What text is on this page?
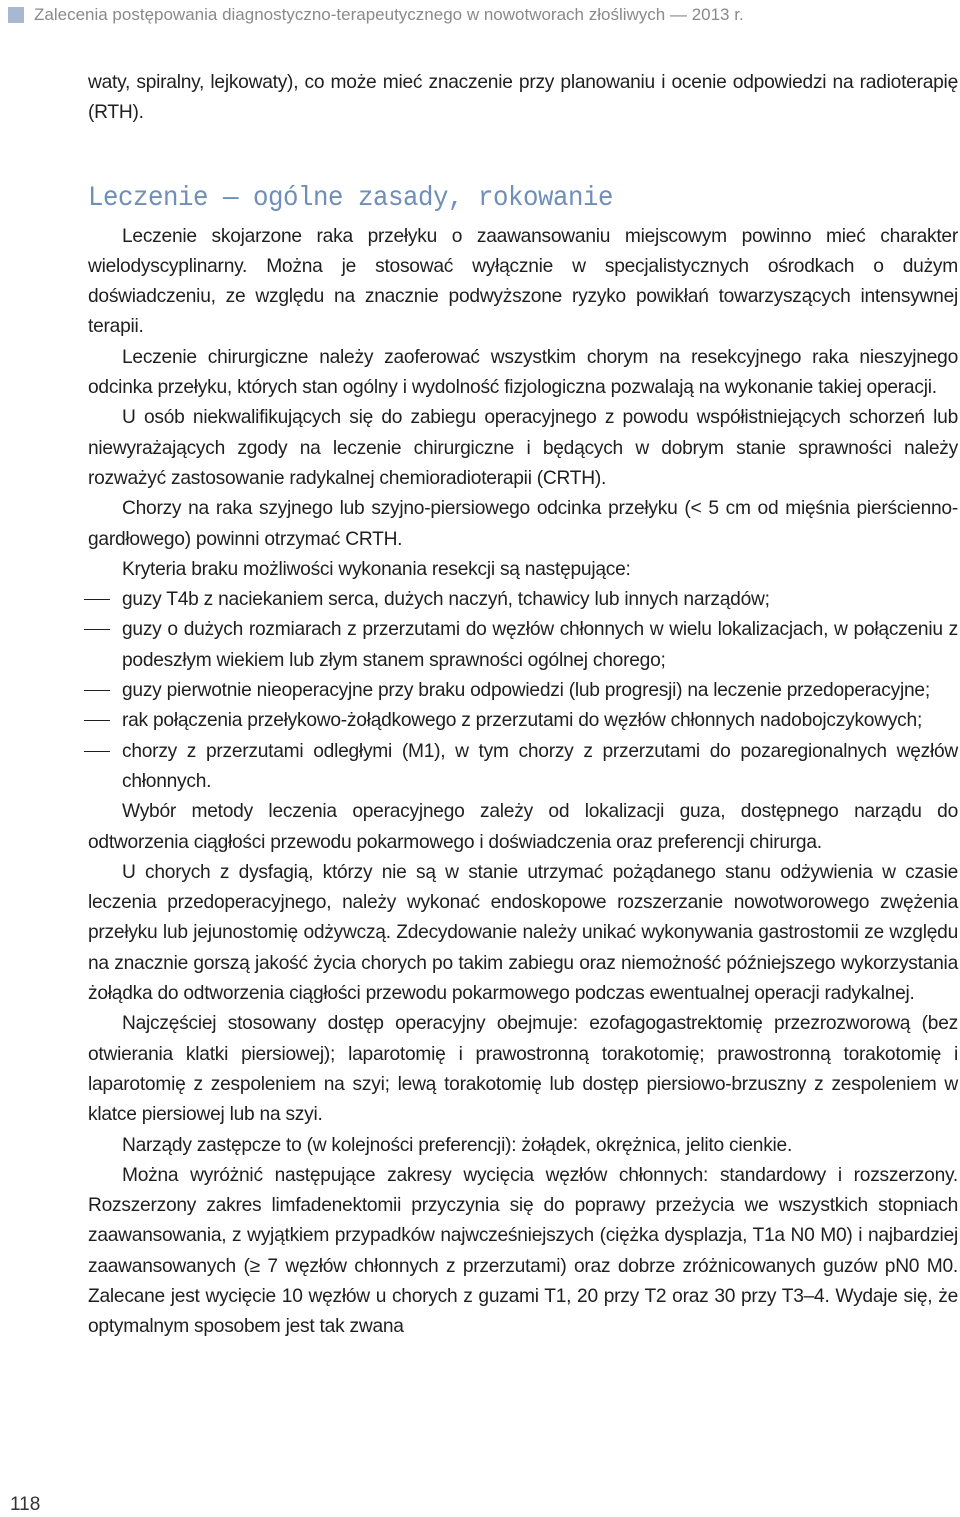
Zalecenia postępowania diagnostyczno-terapeutycznego w nowotworach złośliwych — 2013 r.

waty, spiralny, lejkowaty), co może mieć znaczenie przy planowaniu i ocenie odpowiedzi na radioterapię (RTH).

Leczenie — ogólne zasady, rokowanie

Leczenie skojarzone raka przełyku o zaawansowaniu miejscowym powinno mieć charakter wielodyscyplinarny. Można je stosować wyłącznie w specjalistycznych ośrodkach o dużym doświadczeniu, ze względu na znacznie podwyższone ryzyko powikłań towarzyszących intensywnej terapii.

Leczenie chirurgiczne należy zaoferować wszystkim chorym na resekcyjnego raka nieszyjnego odcinka przełyku, których stan ogólny i wydolność fizjologiczna pozwalają na wykonanie takiej operacji.

U osób niekwalifikujących się do zabiegu operacyjnego z powodu współistniejących schorzeń lub niewyrażających zgody na leczenie chirurgiczne i będących w dobrym stanie sprawności należy rozważyć zastosowanie radykalnej chemioradioterapii (CRTH).

Chorzy na raka szyjnego lub szyjno-piersiowego odcinka przełyku (< 5 cm od mięśnia pierścienno-gardłowego) powinni otrzymać CRTH.

Kryteria braku możliwości wykonania resekcji są następujące:

guzy T4b z naciekaniem serca, dużych naczyń, tchawicy lub innych narządów;
guzy o dużych rozmiarach z przerzutami do węzłów chłonnych w wielu lokalizacjach, w połączeniu z podeszłym wiekiem lub złym stanem sprawności ogólnej chorego;
guzy pierwotnie nieoperacyjne przy braku odpowiedzi (lub progresji) na leczenie przedoperacyjne;
rak połączenia przełykowo-żołądkowego z przerzutami do węzłów chłonnych nadobojczykowych;
chorzy z przerzutami odległymi (M1), w tym chorzy z przerzutami do pozaregionalnych węzłów chłonnych.

Wybór metody leczenia operacyjnego zależy od lokalizacji guza, dostępnego narządu do odtworzenia ciągłości przewodu pokarmowego i doświadczenia oraz preferencji chirurga.

U chorych z dysfagią, którzy nie są w stanie utrzymać pożądanego stanu odżywienia w czasie leczenia przedoperacyjnego, należy wykonać endoskopowe rozszerzanie nowotworowego zwężenia przełyku lub jejunostomię odżywczą. Zdecydowanie należy unikać wykonywania gastrostomii ze względu na znacznie gorszą jakość życia chorych po takim zabiegu oraz niemożność późniejszego wykorzystania żołądka do odtworzenia ciągłości przewodu pokarmowego podczas ewentualnej operacji radykalnej.

Najczęściej stosowany dostęp operacyjny obejmuje: ezofagogastrektomię przezrozworową (bez otwierania klatki piersiowej); laparotomię i prawostronną torakotomię; prawostronną torakotomię i laparotomię z zespoleniem na szyi; lewą torakotomię lub dostęp piersiowo-brzuszny z zespoleniem w klatce piersiowej lub na szyi.

Narządy zastępcze to (w kolejności preferencji): żołądek, okrężnica, jelito cienkie.

Można wyróżnić następujące zakresy wycięcia węzłów chłonnych: standardowy i rozszerzony. Rozszerzony zakres limfadenektomii przyczynia się do poprawy przeżycia we wszystkich stopniach zaawansowania, z wyjątkiem przypadków najwcześniejszych (ciężka dysplazja, T1a N0 M0) i najbardziej zaawansowanych (≥ 7 węzłów chłonnych z przerzutami) oraz dobrze zróżnicowanych guzów pN0 M0. Zalecane jest wycięcie 10 węzłów u chorych z guzami T1, 20 przy T2 oraz 30 przy T3–4. Wydaje się, że optymalnym sposobem jest tak zwana

118
